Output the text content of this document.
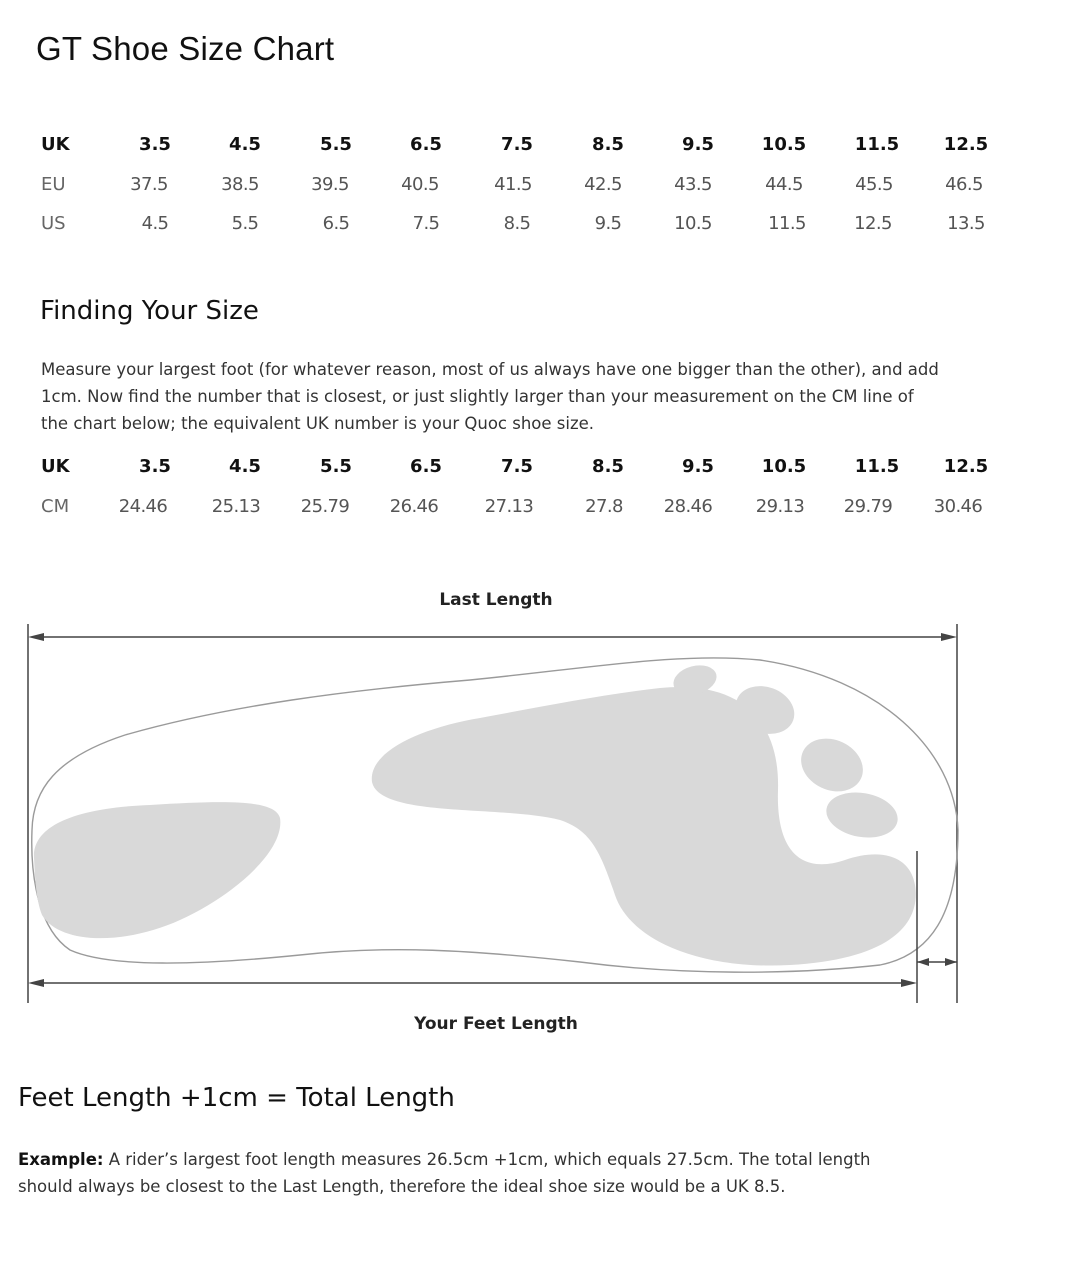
GT Shoe Size Chart
UK	3.5	4.5	5.5	6.5	7.5	8.5	9.5	10.5	11.5 12.5
EU	37.5	38.5	39.5	40.5	41.5	42.5	43.5	44.5	45.5	46.5
US	4.5	5.5	6.5	7.5	8.5	9.5	10.5	11.5	12.5	13.5
Finding Your Size

Measure your largest foot (for whatever reason, most of us always have one bigger than the other), and add
1cm. Now find the number that is closest, or just slightly larger than your measurement on the CM line of
the chart below; the equivalent UK number is your Quoc shoe size.

UK	3.5	4.5	5.5	6.5	7.5	8.5	9.5	10.5	11.5 12.5
CM	24.46 25.13 25.79 26.46	27.13	27.8 28.46 29.13 29.79 30.46
Last Length
Your Feet Length
Feet Length +1cm = Total Length

Example: A rider’s largest foot length measures 26.5cm +1cm, which equals 27.5cm. The total length
should always be closest to the Last Length, therefore the ideal shoe size would be a UK 8.5.
